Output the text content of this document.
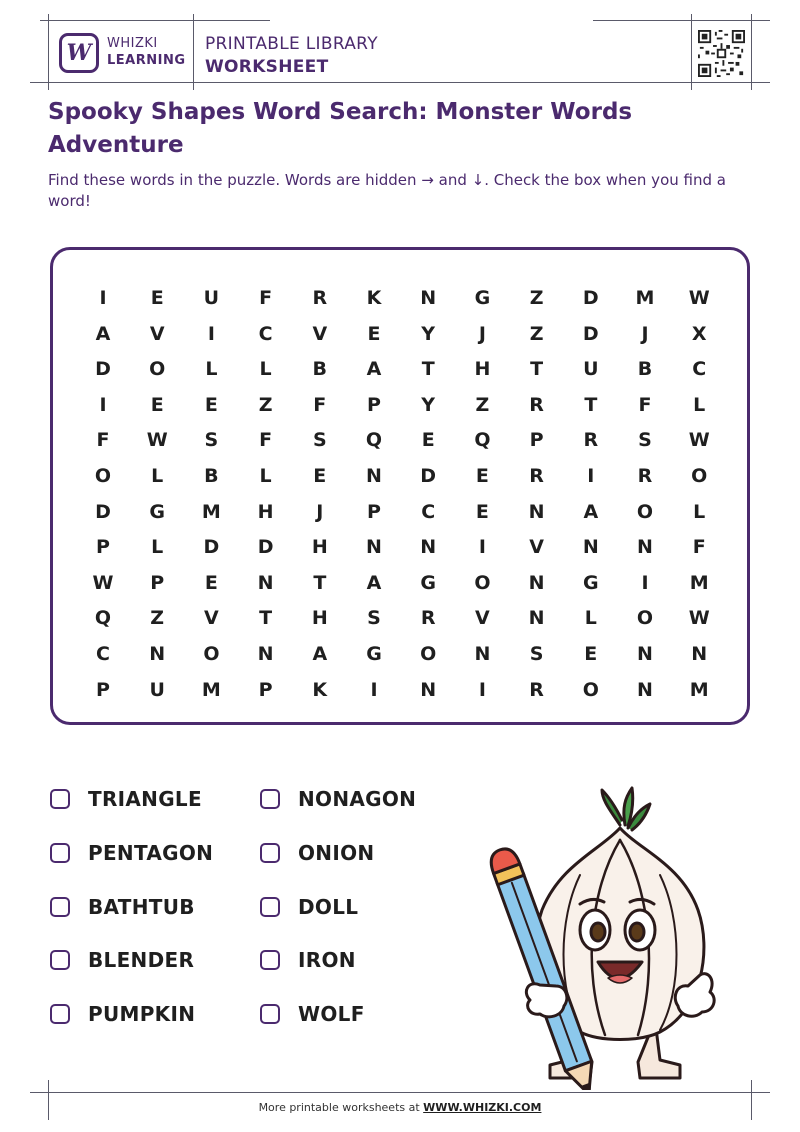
W WHIZKI
LEARNING
PRINTABLE LIBRARY
WORKSHEET
Spooky Shapes Word Search: Monster Words Adventure
Find these words in the puzzle. Words are hidden → and ↓. Check the box when you find a word!
I	E	U	F	R	K	N	G	Z	D	M	W
A	V	I	C	V	E	Y	J	Z	D	J	X
D	O	L	L	B	A	T	H	T	U	B	C
I	E	E	Z	F	P	Y	Z	R	T	F	L
F	W	S	F	S	Q	E	Q	P	R	S	W
O	L	B	L	E	N	D	E	R	I	R	O
D	G	M	H	J	P	C	E	N	A	O	L
P	L	D	D	H	N	N	I	V	N	N	F
W	P	E	N	T	A	G	O	N	G	I	M
Q	Z	V	T	H	S	R	V	N	L	O	W
C	N	O	N	A	G	O	N	S	E	N	N
P	U	M	P	K	I	N	I	R	O	N	M
TRIANGLE
PENTAGON
BATHTUB
BLENDER
PUMPKIN
NONAGON
ONION
DOLL
IRON
WOLF
More printable worksheets at WWW.WHIZKI.COM
